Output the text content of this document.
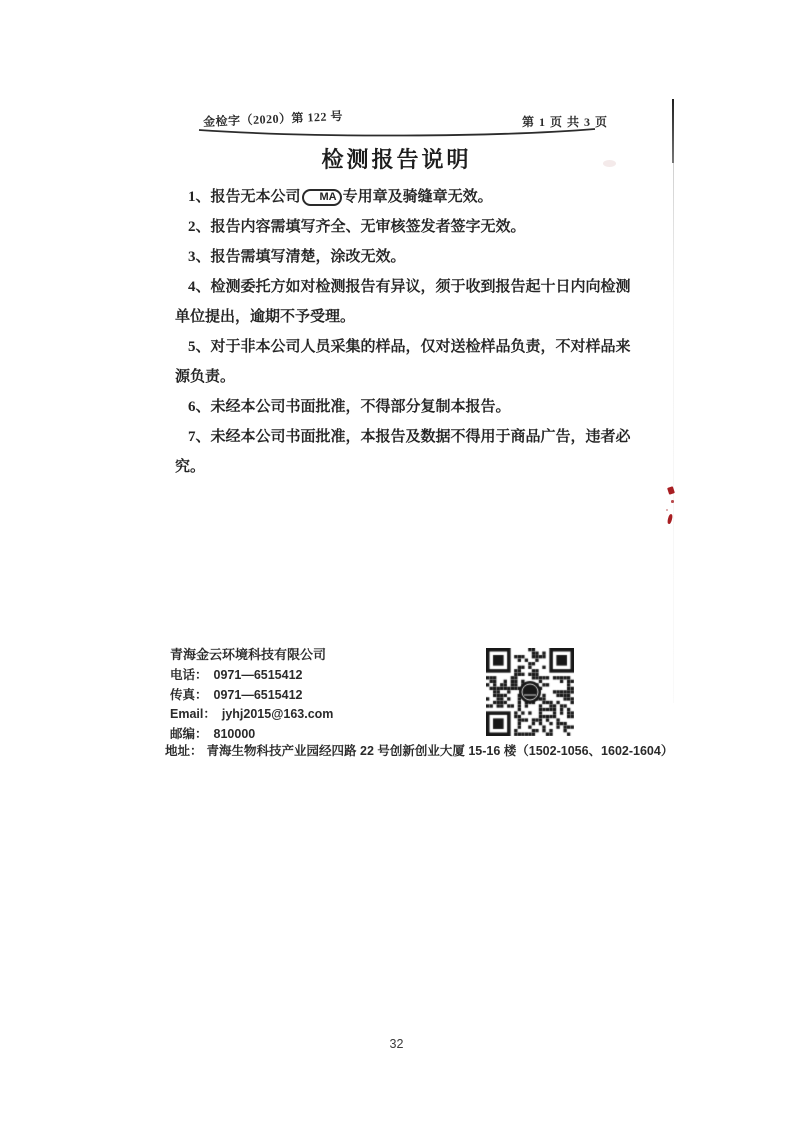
金检字（2020）第 122 号	第 1 页 共 3 页
检测报告说明

1、报告无本公司 MA 专用章及骑缝章无效。

2、报告内容需填写齐全、无审核签发者签字无效。

3、报告需填写清楚，涂改无效。

4、检测委托方如对检测报告有异议，须于收到报告起十日内向检测单位提出，逾期不予受理。

5、对于非本公司人员采集的样品，仅对送检样品负责，不对样品来源负责。

6、未经本公司书面批准，不得部分复制本报告。

7、未经本公司书面批准，本报告及数据不得用于商品广告，违者必究。

青海金云环境科技有限公司
电话： 0971—6515412
传真： 0971—6515412
Email： jyhj2015@163.com
邮编： 810000
地址： 青海生物科技产业园经四路 22 号创新创业大厦 15-16 楼（1502-1056、1602-1604）
32
